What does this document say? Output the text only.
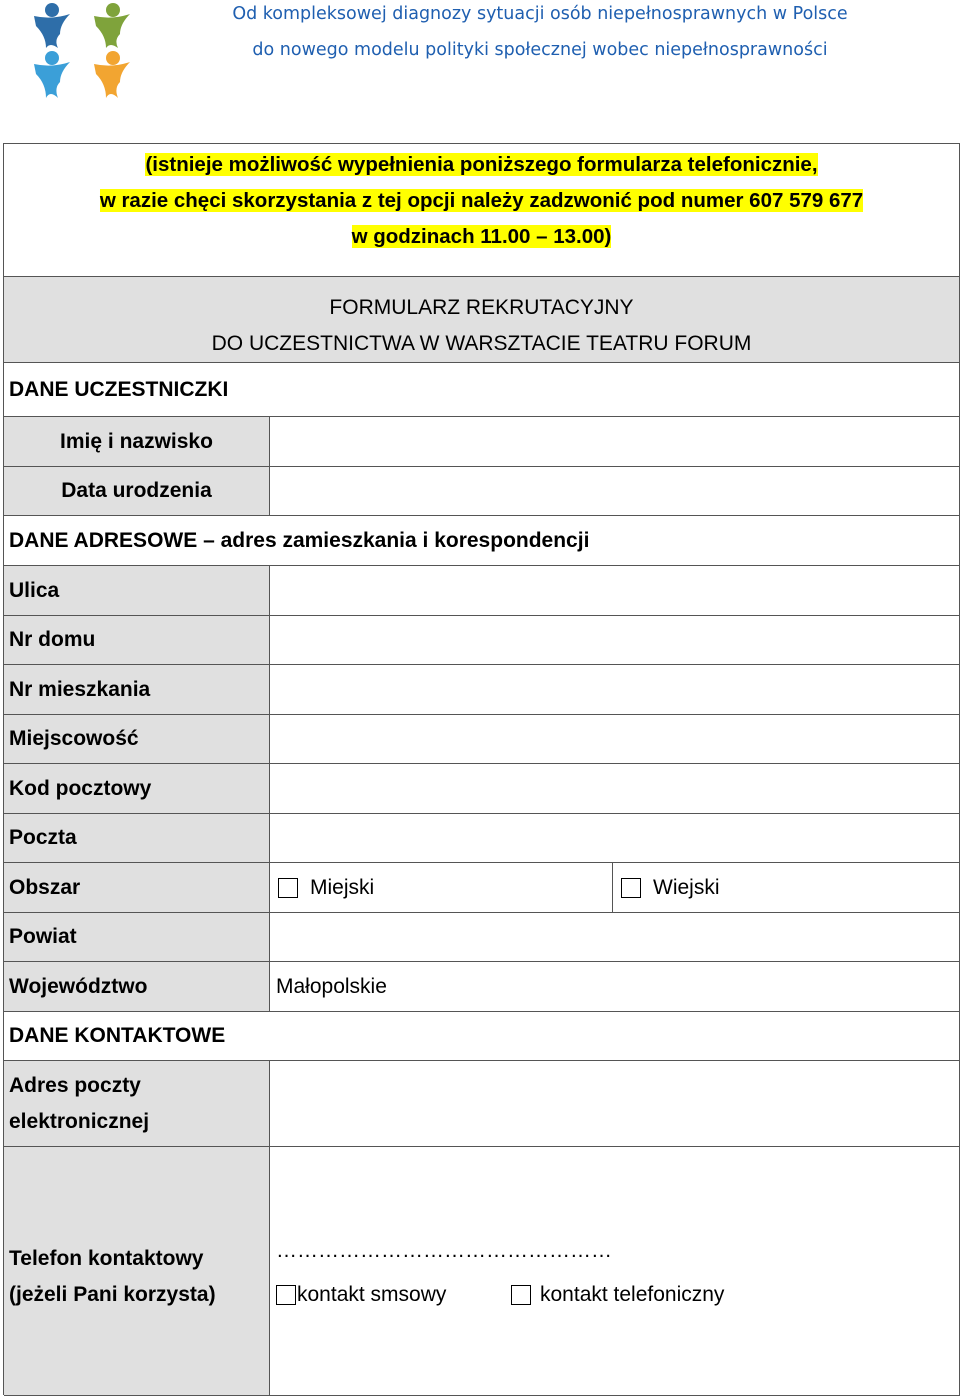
Od kompleksowej diagnozy sytuacji osób niepełnosprawnych w Polsce
do nowego modelu polityki społecznej wobec niepełnosprawności
(istnieje możliwość wypełnienia poniższego formularza telefonicznie,
w razie chęci skorzystania z tej opcji należy zadzwonić pod numer 607 579 677
w godzinach 11.00 – 13.00)
FORMULARZ REKRUTACYJNY
DO UCZESTNICTWA W WARSZTACIE TEATRU FORUM
DANE UCZESTNICZKI
Imię i nazwisko
Data urodzenia
DANE ADRESOWE – adres zamieszkania i korespondencji
Ulica
Nr domu
Nr mieszkania
Miejscowość
Kod pocztowy
Poczta
Obszar	Miejski	Wiejski
Powiat
Województwo	Małopolskie
DANE KONTAKTOWE
Adres poczty
elektronicznej
Telefon kontaktowy
(jeżeli Pani korzysta)
…………………………………………
kontakt smsowy	kontakt telefoniczny
